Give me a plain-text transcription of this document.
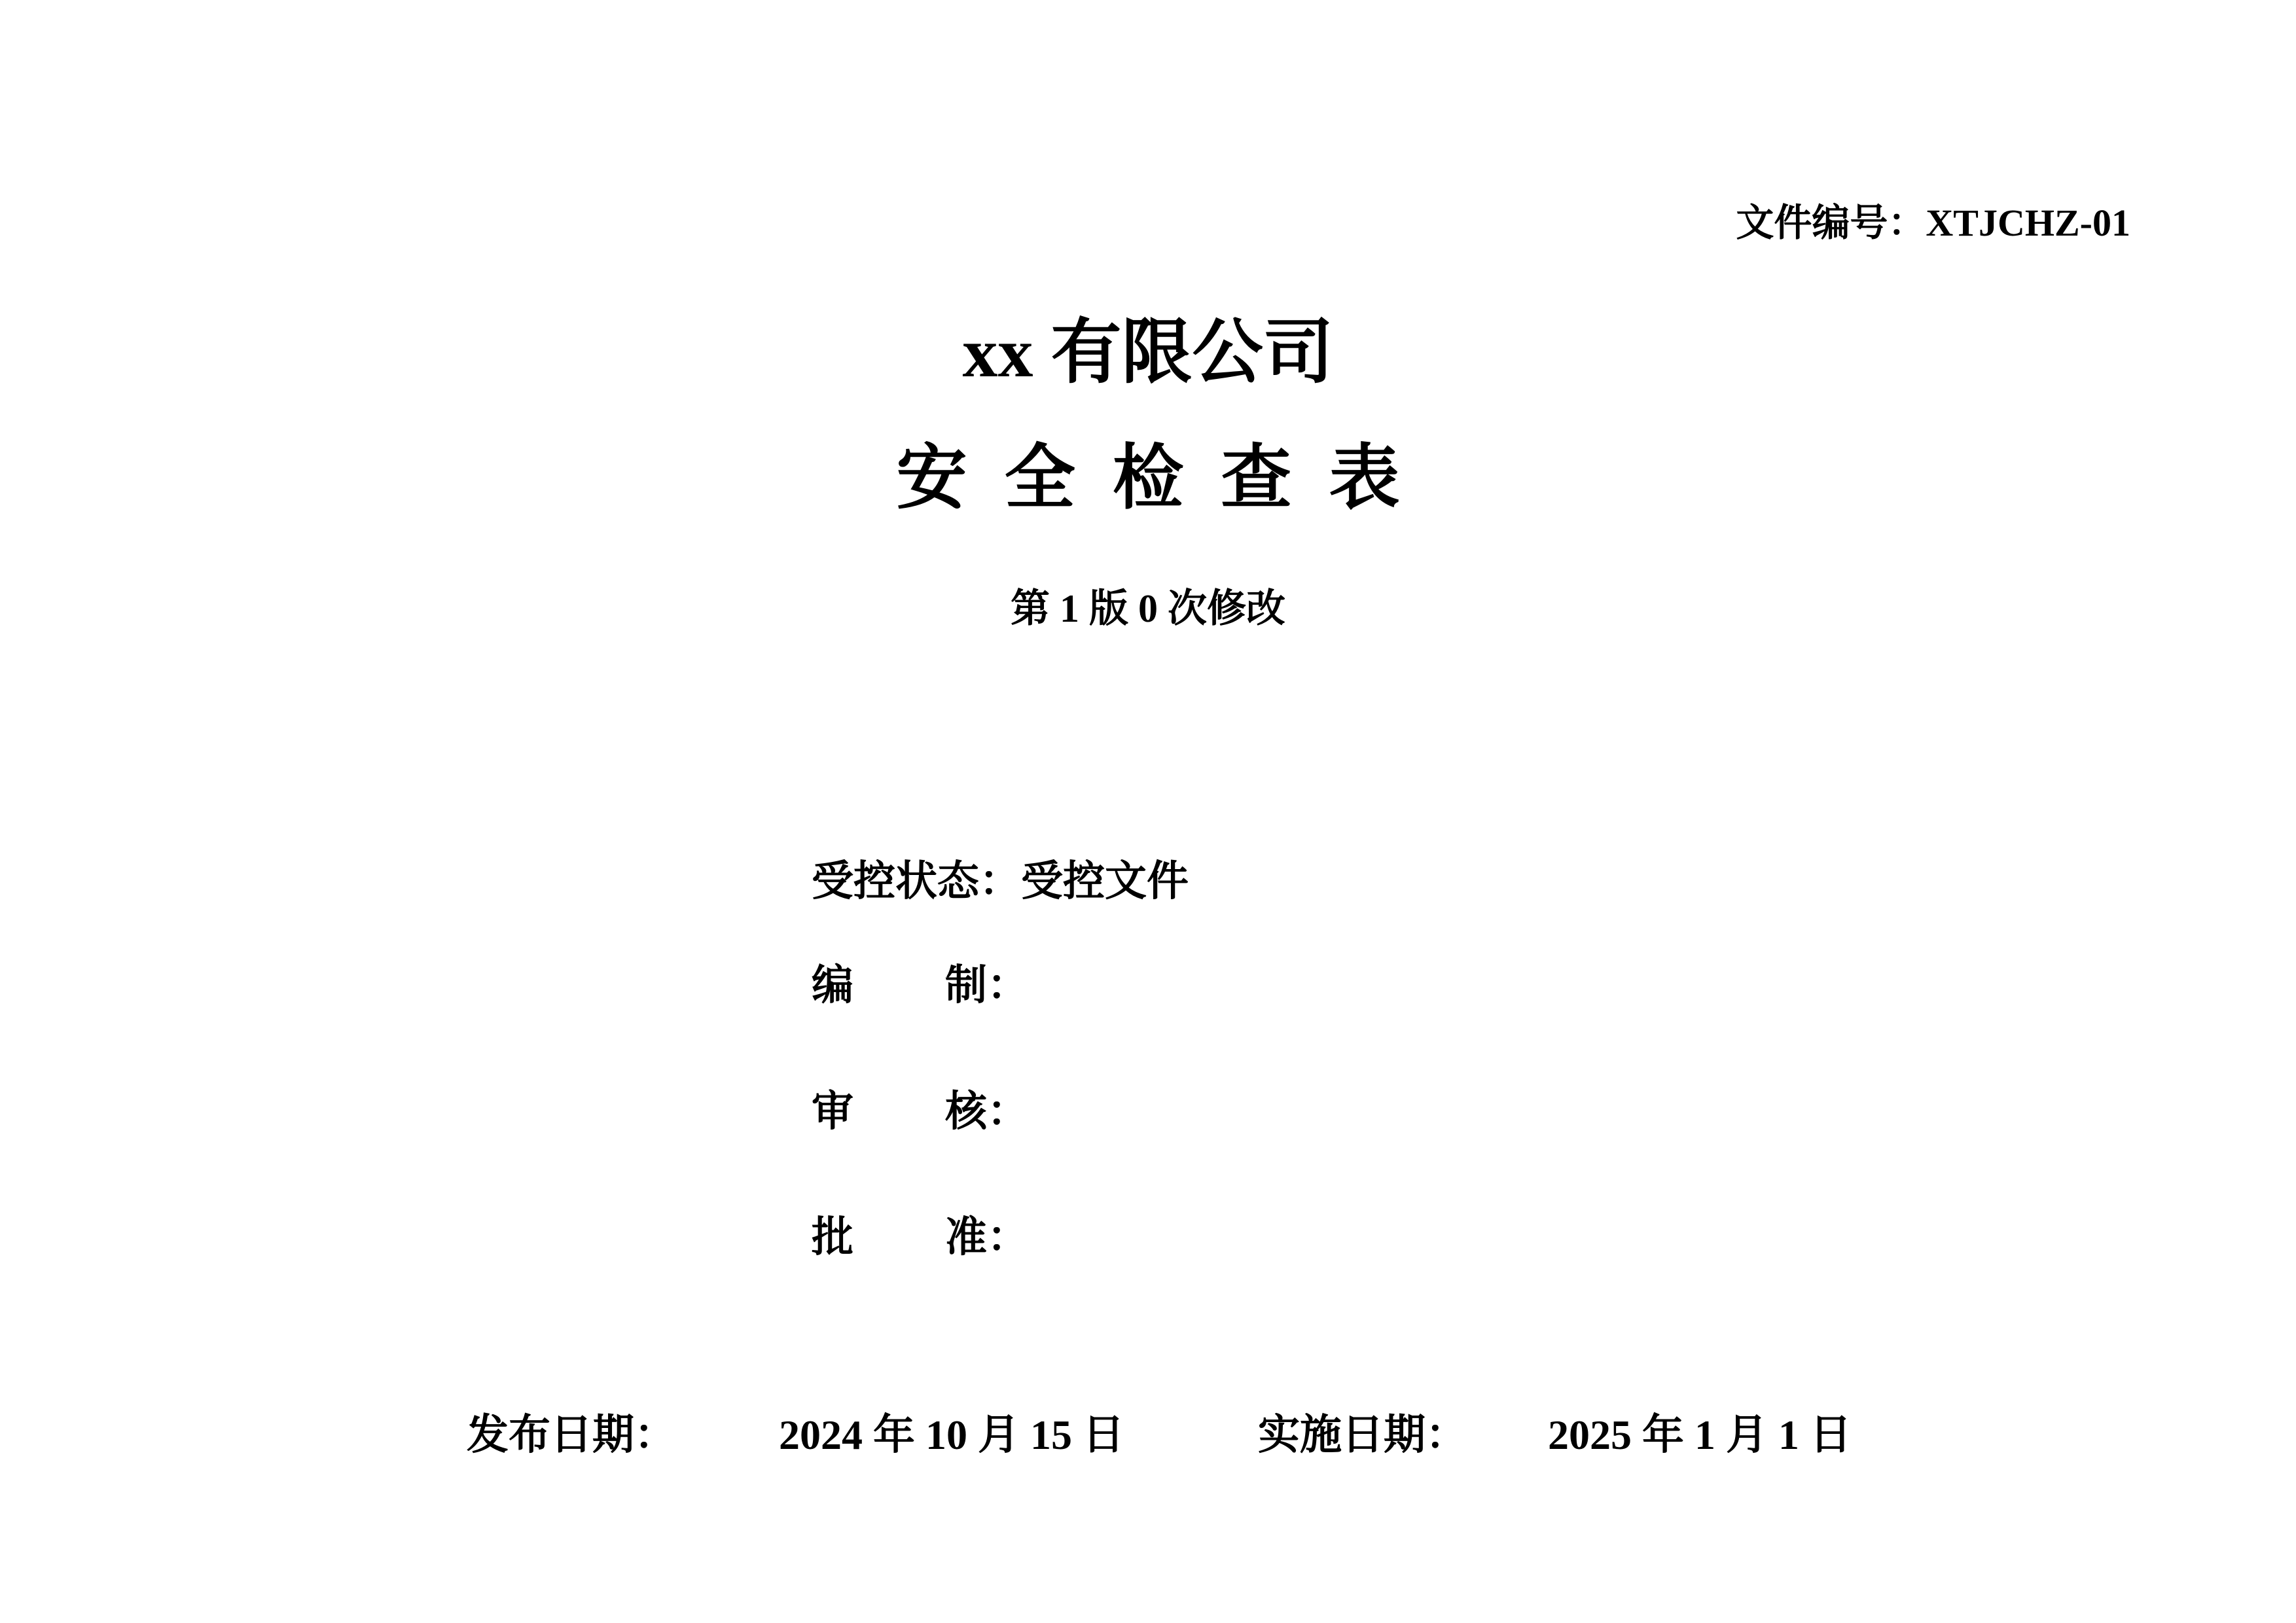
文件编号：XTJCHZ-01
xx 有限公司
安 全 检 查 表
第 1 版 0 次修改
受控状态：受控文件
编 制：
审 核：
批 准：
发布日期： 2024 年 10 月 15 日	实施日期： 2025 年 1 月 1 日
